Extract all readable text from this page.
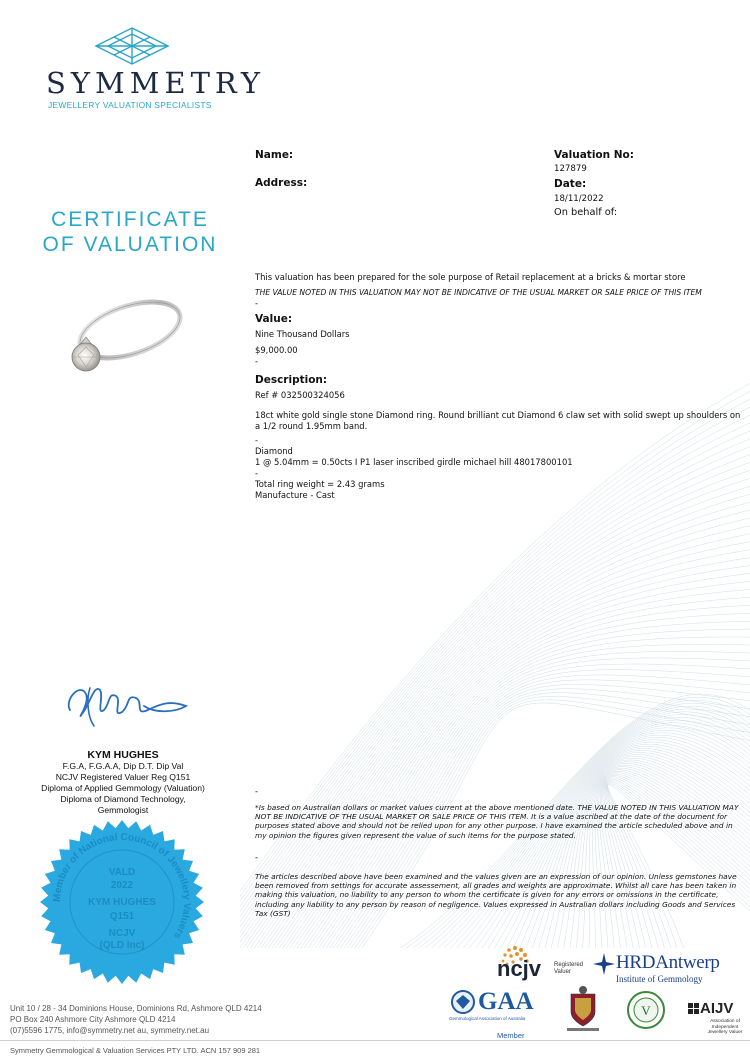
SYMMETRY
JEWELLERY VALUATION SPECIALISTS
CERTIFICATE
OF VALUATION
Name:
Address:
Valuation No:
127879
Date:
18/11/2022
On behalf of:
This valuation has been prepared for the sole purpose of Retail replacement at a bricks & mortar store
THE VALUE NOTED IN THIS VALUATION MAY NOT BE INDICATIVE OF THE USUAL MARKET OR SALE PRICE OF THIS ITEM
-
Value:
Nine Thousand Dollars
$9,000.00
-
Description:
Ref # 032500324056
18ct white gold single stone Diamond ring. Round brilliant cut Diamond 6 claw set with solid swept up shoulders on a 1/2 round 1.95mm band.
-
Diamond
1 @ 5.04mm = 0.50cts I P1 laser inscribed girdle michael hill 48017800101
-
Total ring weight = 2.43 grams
Manufacture - Cast
-
*Is based on Australian dollars or market values current at the above mentioned date. THE VALUE NOTED IN THIS VALUATION MAY NOT BE INDICATIVE OF THE USUAL MARKET OR SALE PRICE OF THIS ITEM. It is a value ascribed at the date of the document for purposes stated above and should not be relied upon for any other purpose. I have examined the article scheduled above and in my opinion the figures given represent the value of such items for the purpose stated.
-
The articles described above have been examined and the values given are an expression of our opinion. Unless gemstones have been removed from settings for accurate assessement, all grades and weights are approximate. Whilst all care has been taken in making this valuation, no liability to any person to whom the certificate is given for any errors or omissions in the certificate, including any liability to any person by reason of negligence. Values expressed in Australian dollars including Goods and Services Tax (GST)
KYM HUGHES
F.G.A, F.G.A.A, Dip D.T. Dip Val
NCJV Registered Valuer Reg Q151
Diploma of Applied Gemmology (Valuation)
Diploma of Diamond Technology,
Gemmologist
Member of National Council of Jewellery Valuers
VALD
2022
KYM HUGHES
Q151
NCJV
(QLD Inc)
ncjv Registered
Valuer	HRDAntwerp
Institute of Gemmology
GAA
Gemmological Association of Australia
Member
V	AIJV
Association of
Independent
Jewellery Valuer
Unit 10 / 28 - 34 Dominions House, Dominions Rd, Ashmore QLD 4214
PO Box 240 Ashmore City Ashmore QLD 4214
(07)5596 1775, info@symmetry.net au, symmetry.net.au
Symmetry Gemmological & Valuation Services PTY LTD. ACN 157 909 281
